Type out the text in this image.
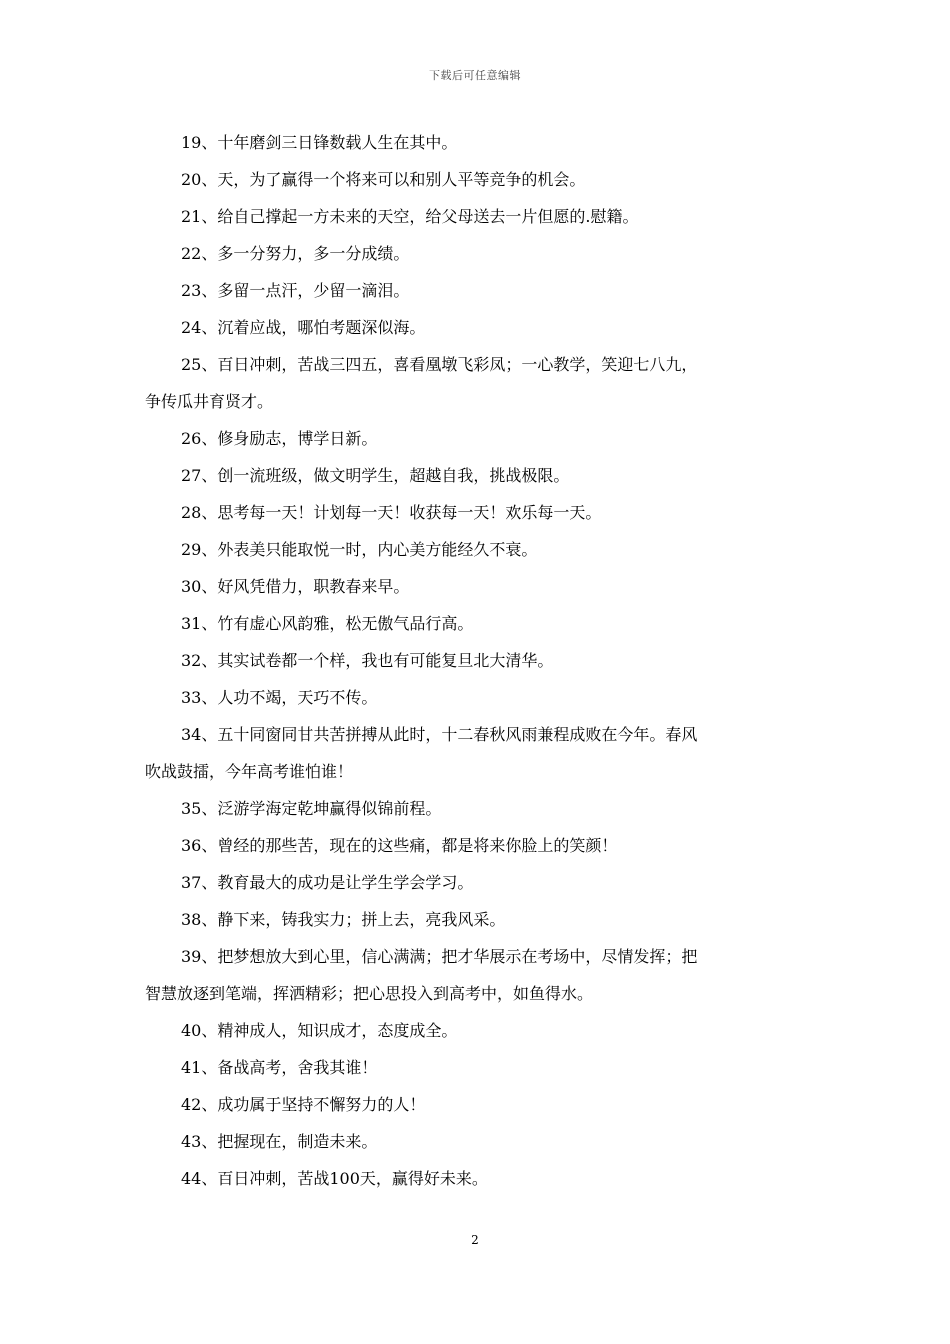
下载后可任意编辑
19、十年磨剑三日锋数载人生在其中。
20、天，为了赢得一个将来可以和别人平等竞争的机会。
21、给自己撑起一方未来的天空，给父母送去一片但愿的.慰籍。
22、多一分努力，多一分成绩。
23、多留一点汗，少留一滴泪。
24、沉着应战，哪怕考题深似海。
25、百日冲刺，苦战三四五，喜看凰墩飞彩凤；一心教学，笑迎七八九，
争传瓜井育贤才。
26、修身励志，博学日新。
27、创一流班级，做文明学生，超越自我，挑战极限。
28、思考每一天！计划每一天！收获每一天！欢乐每一天。
29、外表美只能取悦一时，内心美方能经久不衰。
30、好风凭借力，职教春来早。
31、竹有虚心风韵雅，松无傲气品行高。
32、其实试卷都一个样，我也有可能复旦北大清华。
33、人功不竭，天巧不传。
34、五十同窗同甘共苦拼搏从此时，十二春秋风雨兼程成败在今年。春风
吹战鼓擂，今年高考谁怕谁！
35、泛游学海定乾坤赢得似锦前程。
36、曾经的那些苦，现在的这些痛，都是将来你脸上的笑颜！
37、教育最大的成功是让学生学会学习。
38、静下来，铸我实力；拼上去，亮我风采。
39、把梦想放大到心里，信心满满；把才华展示在考场中，尽情发挥；把
智慧放逐到笔端，挥洒精彩；把心思投入到高考中，如鱼得水。
40、精神成人，知识成才，态度成全。
41、备战高考，舍我其谁！
42、成功属于坚持不懈努力的人！
43、把握现在，制造未来。
44、百日冲刺，苦战100天，赢得好未来。
2
